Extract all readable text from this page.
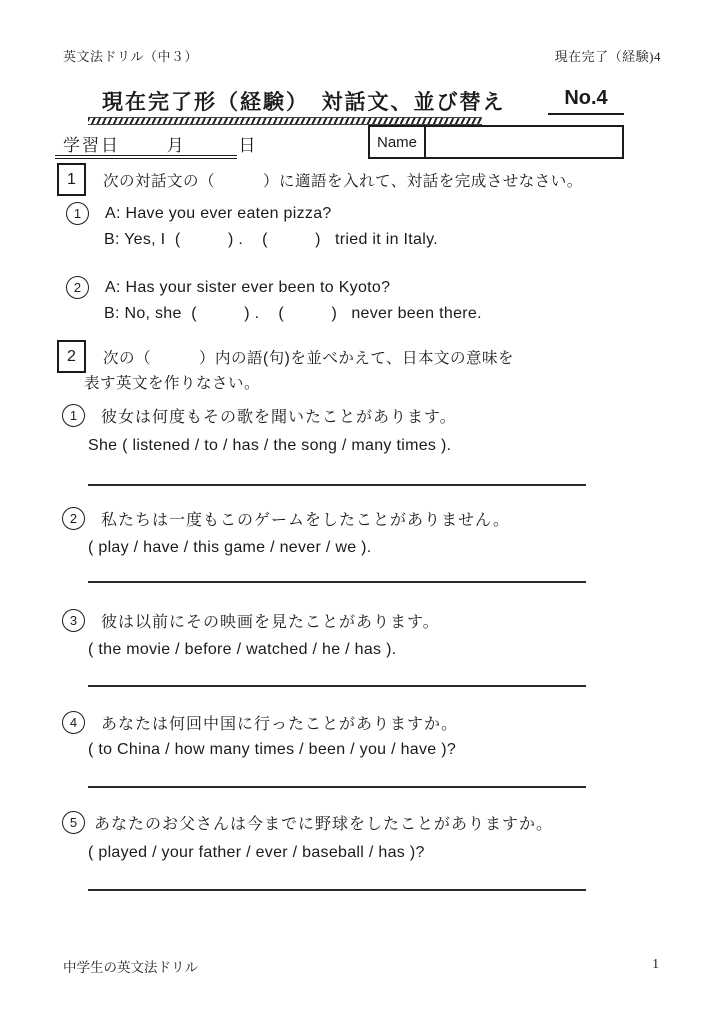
英文法ドリル（中３）	現在完了（経験)4
現在完了形（経験）　対話文、並び替え	No.4
学習日	月	日	Name
1	次の対話文の（　　　）に適語を入れて、対話を完成させなさい。
1	A: Have you ever eaten pizza?
B: Yes, I  (          ) .    (          )   tried it in Italy.
2	A: Has your sister ever been to Kyoto?
B: No, she  (          ) .    (          )   never been there.
2	次の（　　　）内の語(句)を並べかえて、日本文の意味を
表す英文を作りなさい。
1	彼女は何度もその歌を聞いたことがあります。
She ( listened / to / has / the song / many times ).
2	私たちは一度もこのゲームをしたことがありません。
( play / have / this game / never / we ).
3	彼は以前にその映画を見たことがあります。
( the movie / before / watched / he / has ).
4	あなたは何回中国に行ったことがありますか。
( to China / how many times / been / you / have )?
5	あなたのお父さんは今までに野球をしたことがありますか。
( played / your father / ever / baseball / has )?
中学生の英文法ドリル	1
